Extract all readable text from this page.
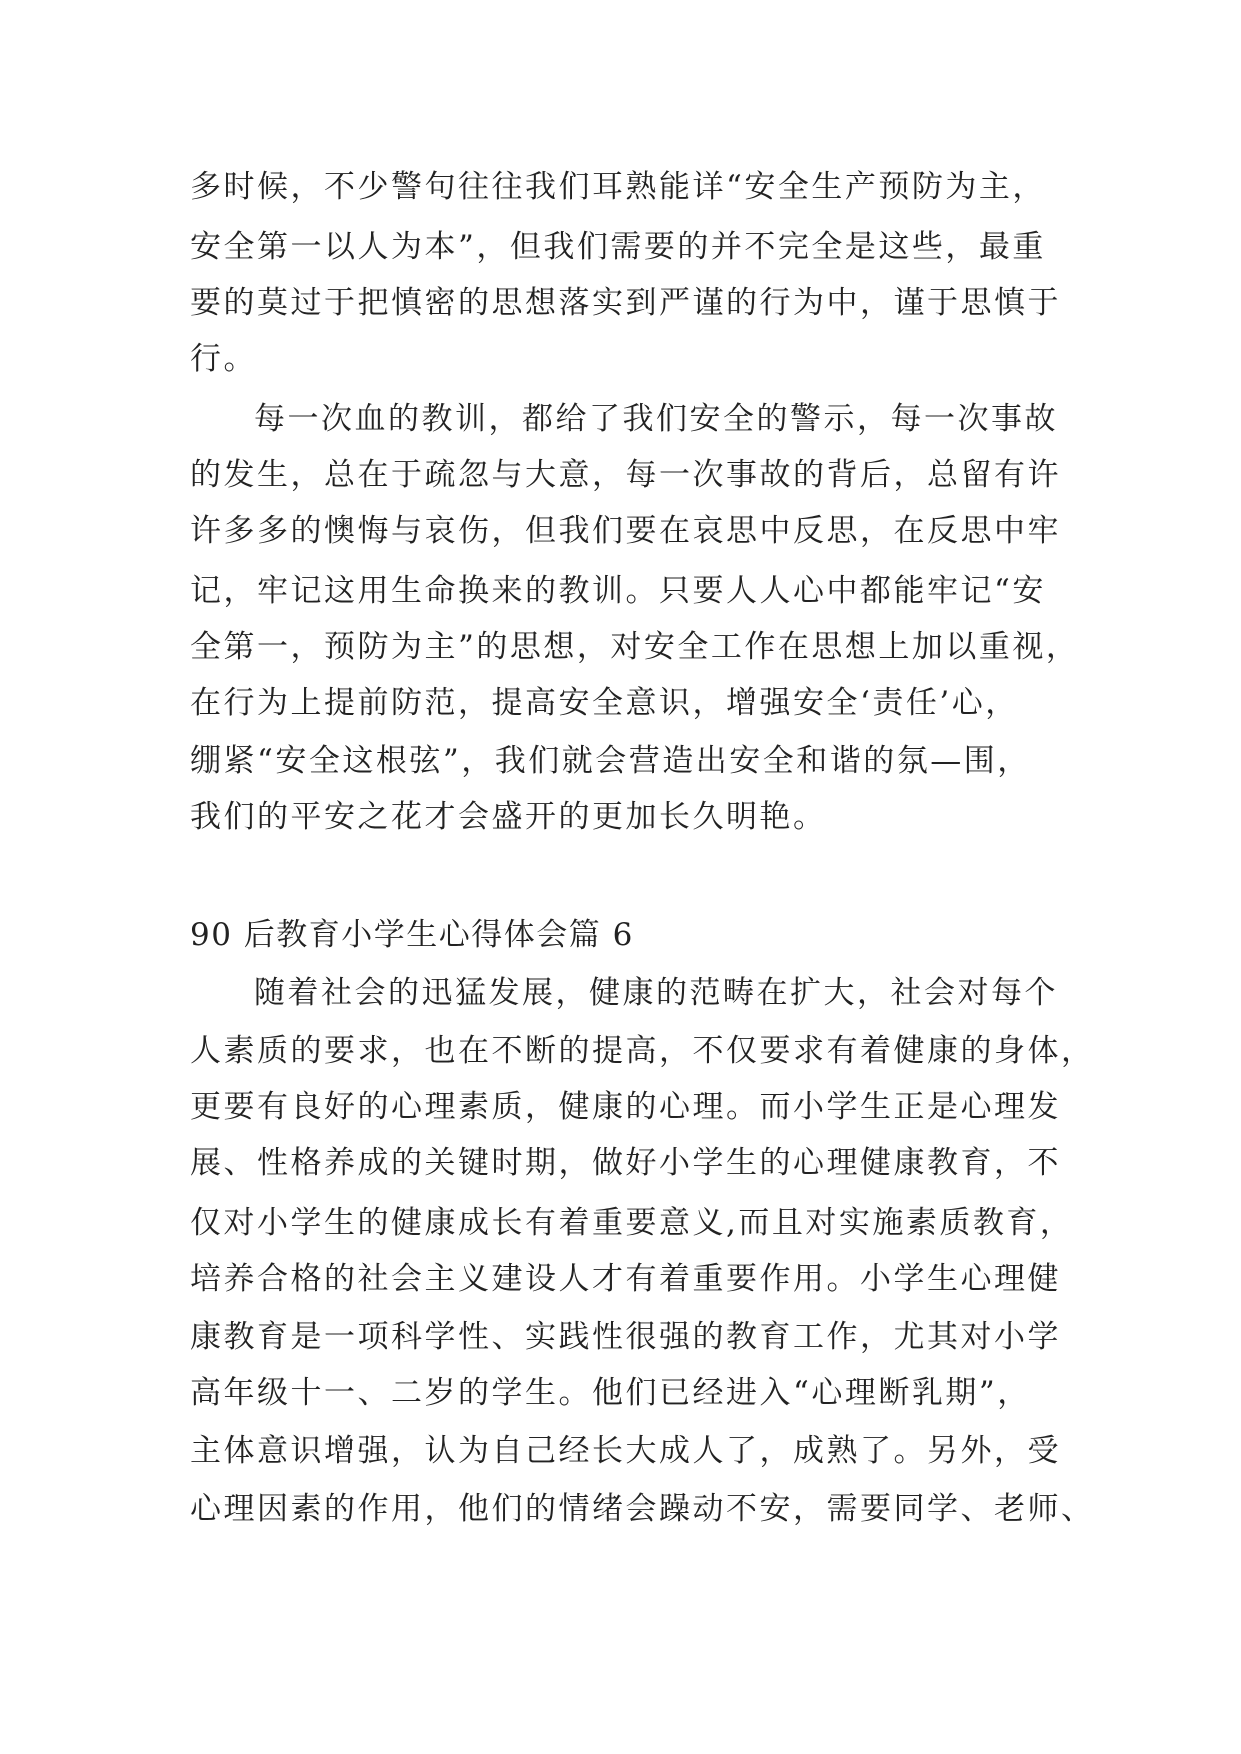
多时候，不少警句往往我们耳熟能详“安全生产预防为主，
安全第一以人为本”，但我们需要的并不完全是这些，最重
要的莫过于把慎密的思想落实到严谨的行为中，谨于思慎于
行。
每一次血的教训，都给了我们安全的警示，每一次事故
的发生，总在于疏忽与大意，每一次事故的背后，总留有许
许多多的懊悔与哀伤，但我们要在哀思中反思，在反思中牢
记，牢记这用生命换来的教训。只要人人心中都能牢记“安
全第一，预防为主”的思想，对安全工作在思想上加以重视，
在行为上提前防范，提高安全意识，增强安全‘责任’心，
绷紧“安全这根弦”，我们就会营造出安全和谐的氛—围，
我们的平安之花才会盛开的更加长久明艳。
90 后教育小学生心得体会篇 6
随着社会的迅猛发展，健康的范畴在扩大，社会对每个
人素质的要求，也在不断的提高，不仅要求有着健康的身体，
更要有良好的心理素质，健康的心理。而小学生正是心理发
展、性格养成的关键时期，做好小学生的心理健康教育，不
仅对小学生的健康成长有着重要意义,而且对实施素质教育，
培养合格的社会主义建设人才有着重要作用。小学生心理健
康教育是一项科学性、实践性很强的教育工作，尤其对小学
高年级十一、二岁的学生。他们已经进入“心理断乳期”，
主体意识增强，认为自己经长大成人了，成熟了。另外，受
心理因素的作用，他们的情绪会躁动不安，需要同学、老师、
